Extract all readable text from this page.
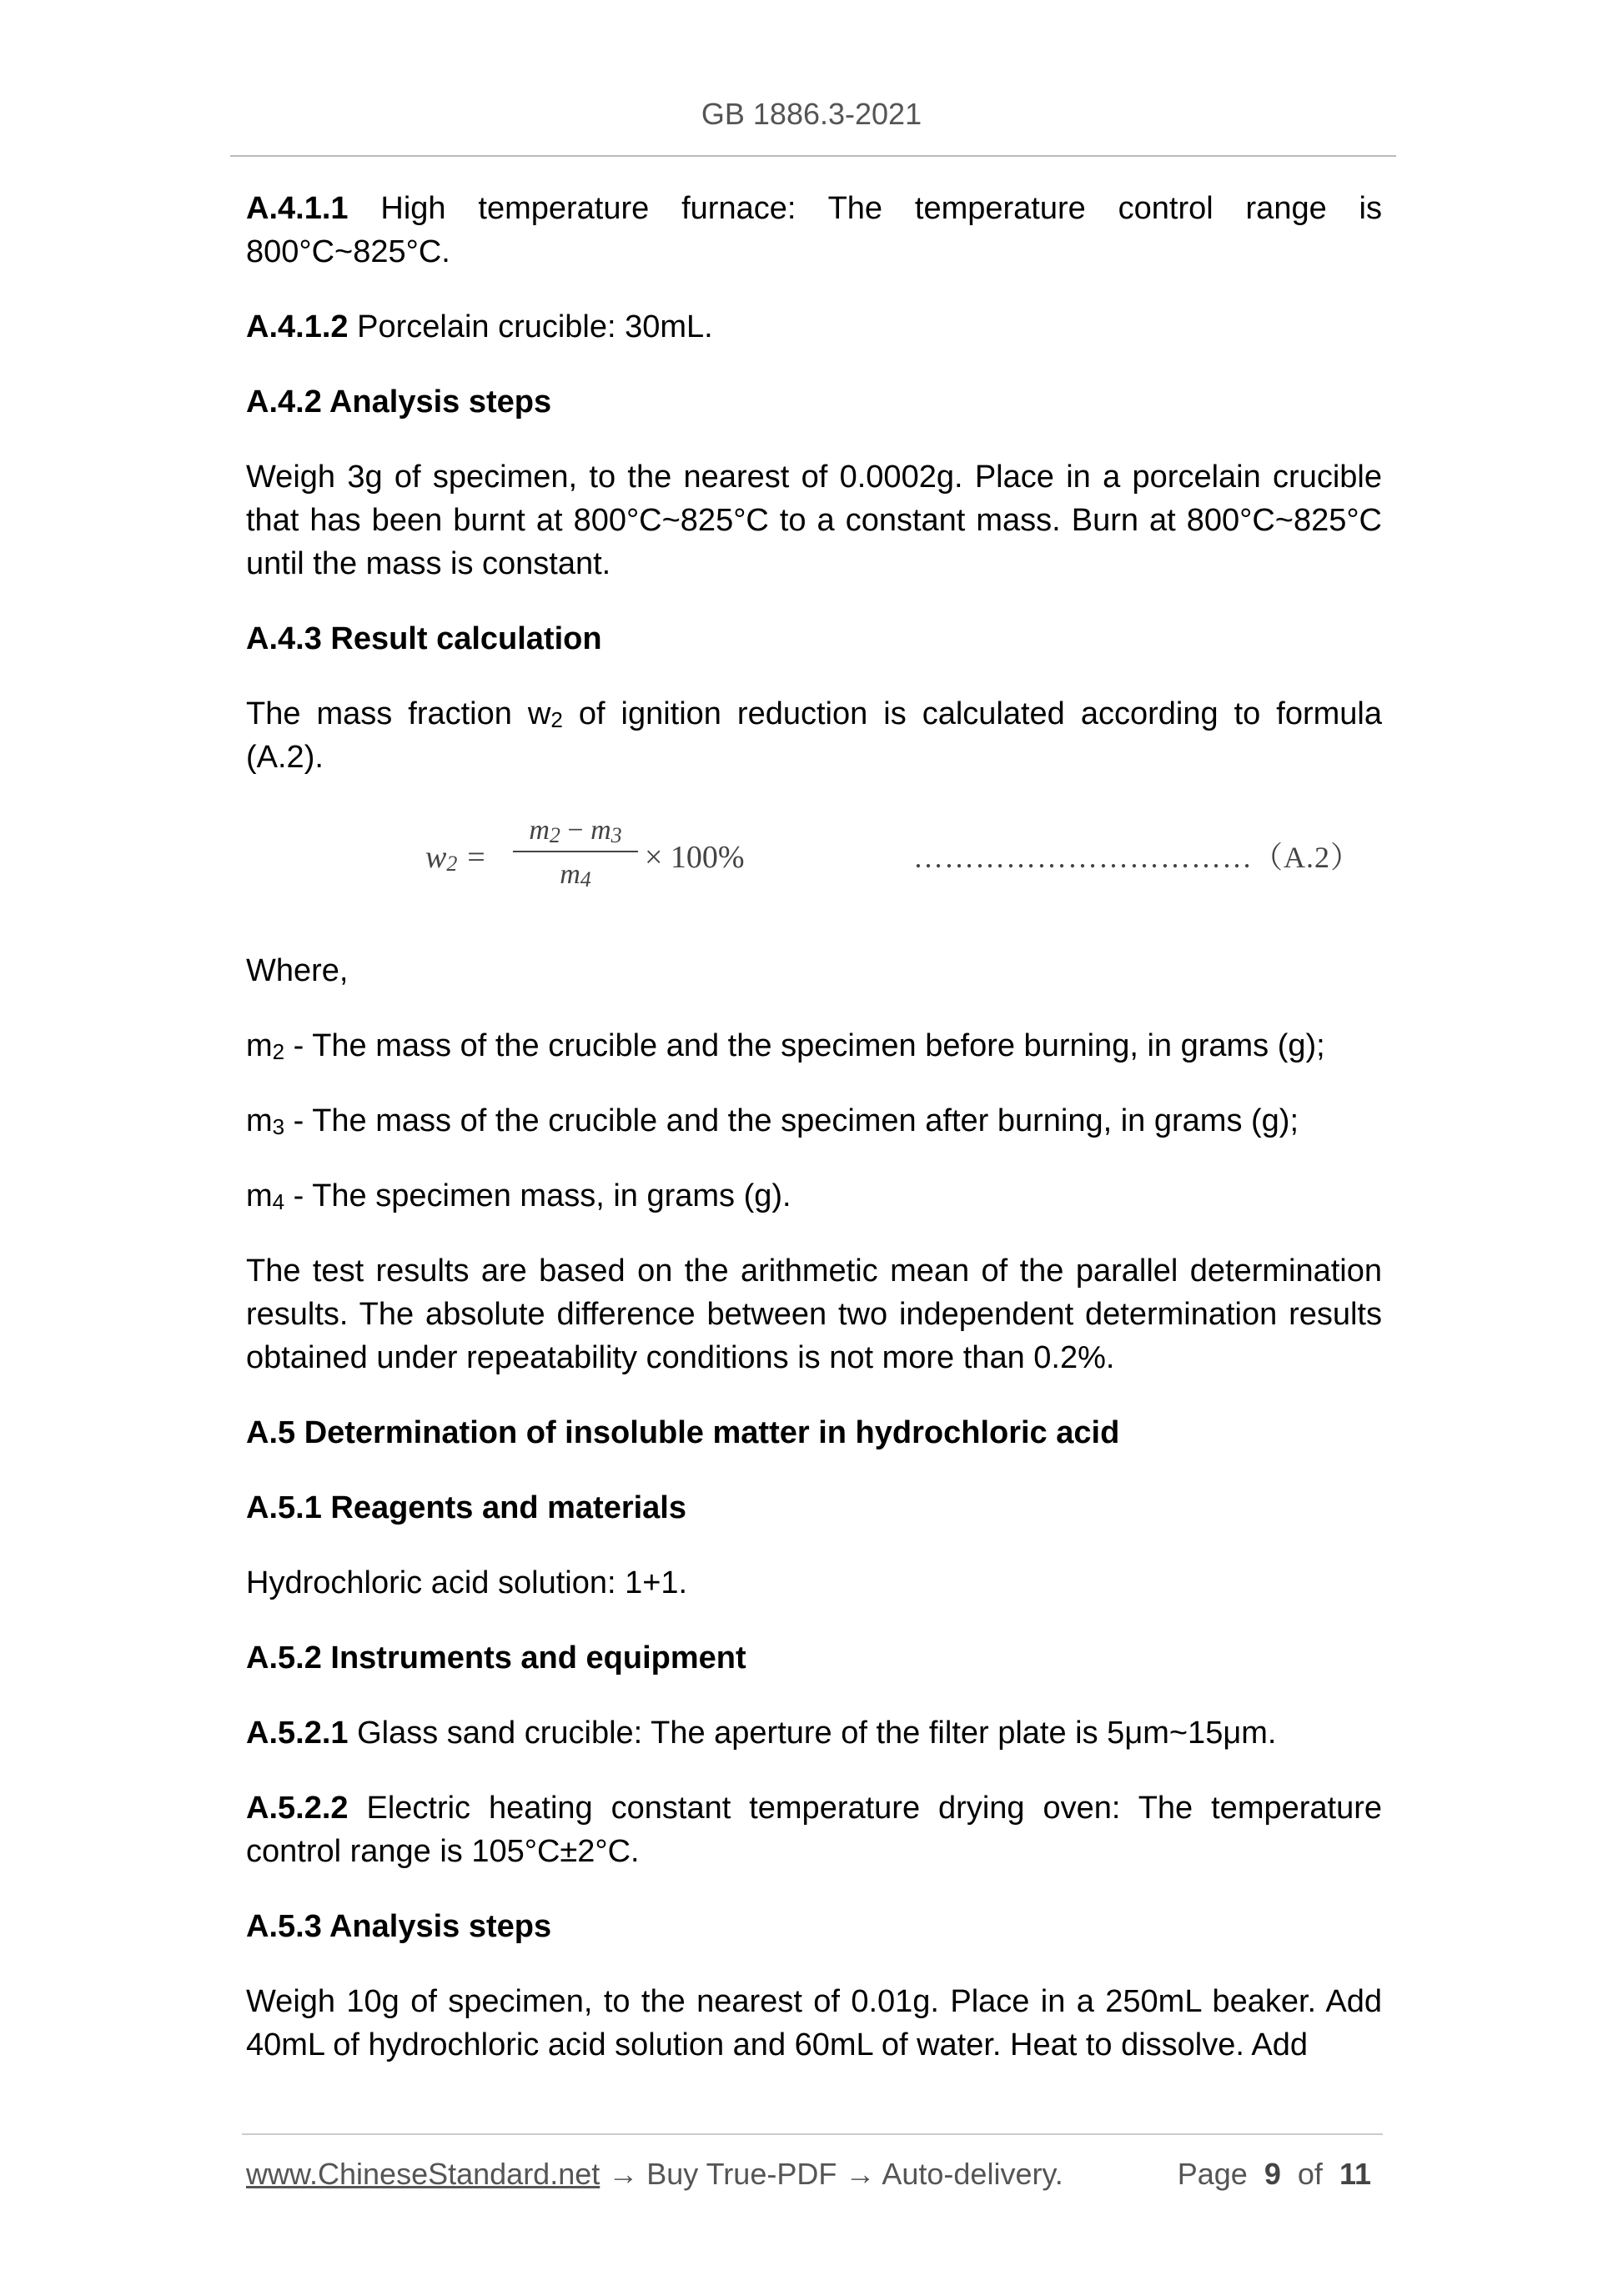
GB 1886.3-2021

A.4.1.1 High temperature furnace: The temperature control range is 800°C~825°C.

A.4.1.2 Porcelain crucible: 30mL.

A.4.2 Analysis steps

Weigh 3g of specimen, to the nearest of 0.0002g. Place in a porcelain crucible that has been burnt at 800°C~825°C to a constant mass. Burn at 800°C~825°C until the mass is constant.

A.4.3 Result calculation

The mass fraction $w_2$ of ignition reduction is calculated according to formula (A.2).

$w_2$ =
$m_2 - m_3$
$m_4$
× 100%	……………………………（A.2）

Where,

$m_2$ - The mass of the crucible and the specimen before burning, in grams (g);

$m_3$ - The mass of the crucible and the specimen after burning, in grams (g);

$m_4$ - The specimen mass, in grams (g).

The test results are based on the arithmetic mean of the parallel determination results. The absolute difference between two independent determination results obtained under repeatability conditions is not more than 0.2%.

A.5 Determination of insoluble matter in hydrochloric acid

A.5.1 Reagents and materials

Hydrochloric acid solution: 1+1.

A.5.2 Instruments and equipment

A.5.2.1 Glass sand crucible: The aperture of the filter plate is 5μm~15μm.

A.5.2.2 Electric heating constant temperature drying oven: The temperature control range is 105°C±2°C.

A.5.3 Analysis steps

Weigh 10g of specimen, to the nearest of 0.01g. Place in a 250mL beaker. Add 40mL of hydrochloric acid solution and 60mL of water. Heat to dissolve. Add

www.ChineseStandard.net → Buy True-PDF → Auto-delivery.	Page 9 of 11
